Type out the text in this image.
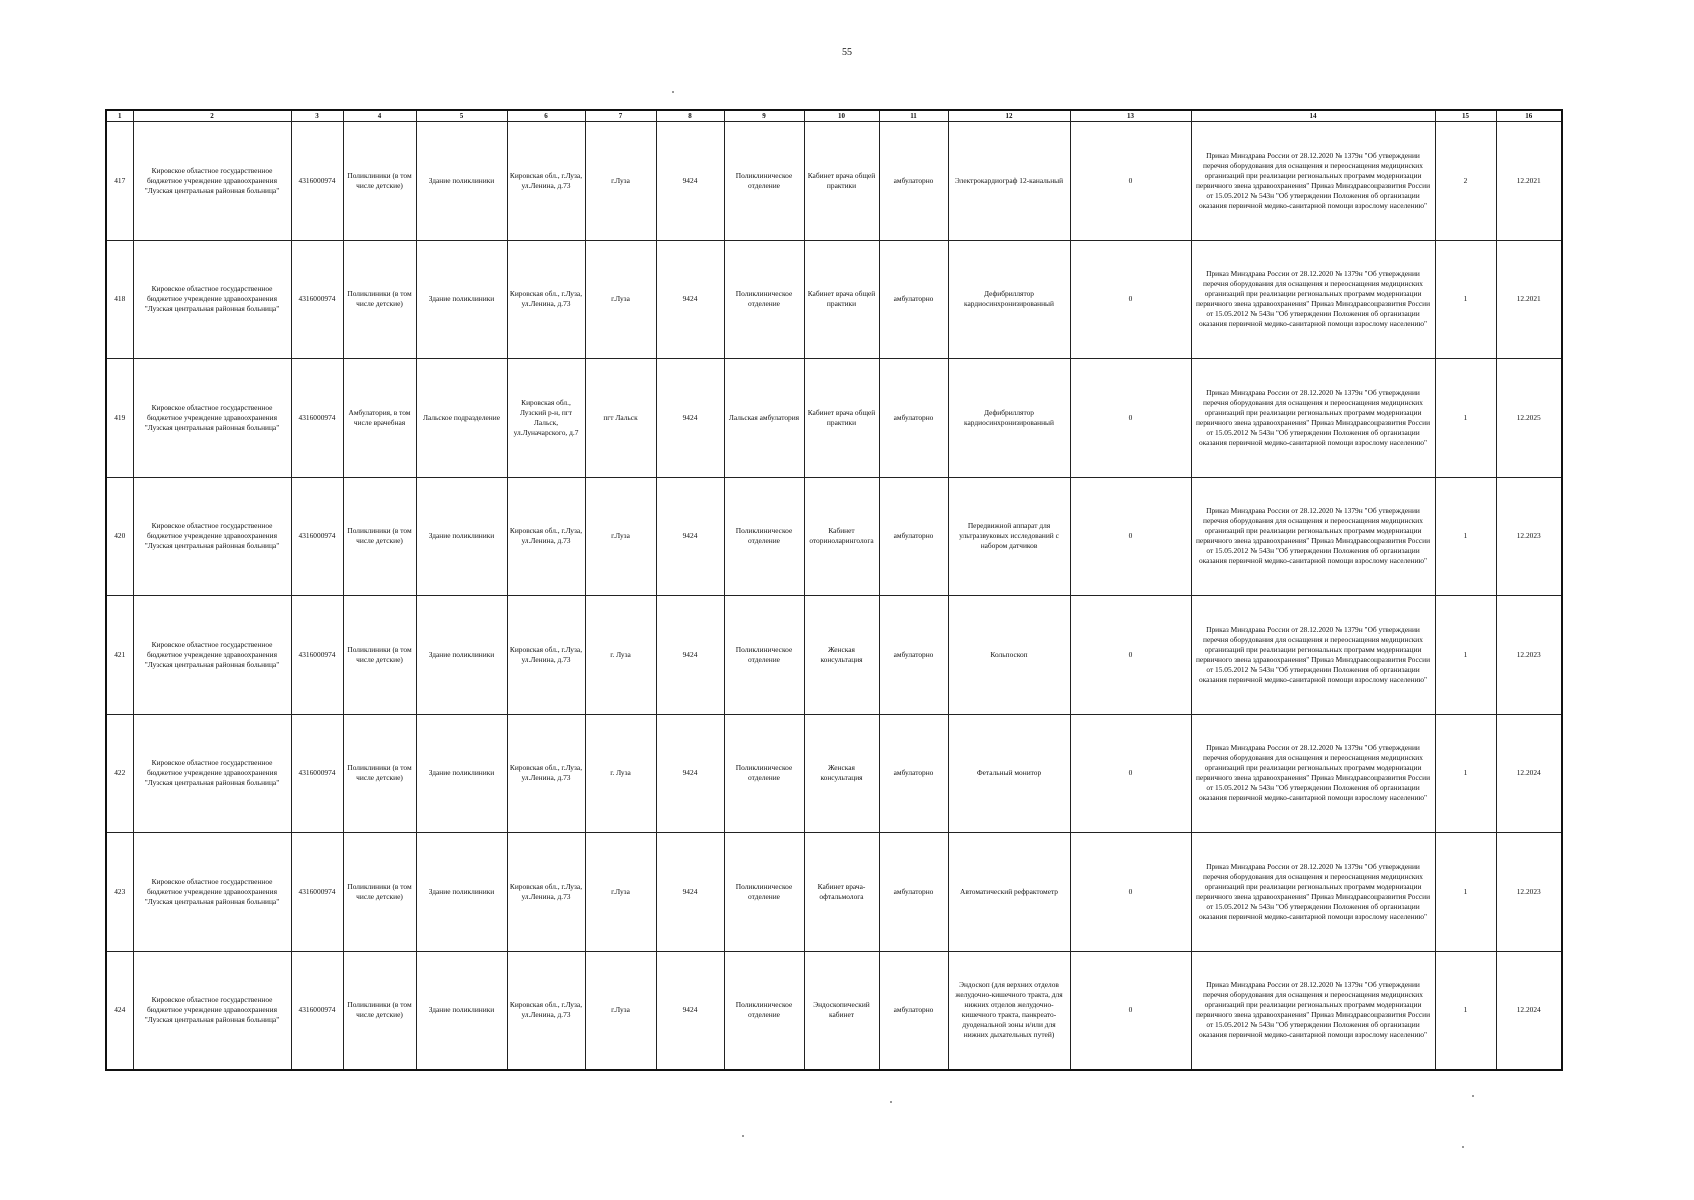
55
1	2	3	4	5	6	7	8	9	10	11	12	13	14	15	16
417	Кировское областное государственное бюджетное учреждение здравоохранения "Лузская центральная районная больница"	4316000974	Поликлиники (в том числе детские)	Здание поликлиники	Кировская обл., г.Луза, ул.Ленина, д.73	г.Луза	9424	Поликлиническое отделение	Кабинет врача общей практики	амбулаторно	Электрокардиограф 12-канальный	0	Приказ Минздрава России от 28.12.2020 № 1379н "Об утверждении перечня оборудования для оснащения и переоснащения медицинских организаций при реализации региональных программ модернизации первичного звена здравоохранения" Приказ Минздравсоцразвития России от 15.05.2012 № 543н "Об утверждении Положения об организации оказания первичной медико-санитарной помощи взрослому населению"	2	12.2021
418	Кировское областное государственное бюджетное учреждение здравоохранения "Лузская центральная районная больница"	4316000974	Поликлиники (в том числе детские)	Здание поликлиники	Кировская обл., г.Луза, ул.Ленина, д.73	г.Луза	9424	Поликлиническое отделение	Кабинет врача общей практики	амбулаторно	Дефибриллятор кардиосинхронизированный	0	Приказ Минздрава России от 28.12.2020 № 1379н "Об утверждении перечня оборудования для оснащения и переоснащения медицинских организаций при реализации региональных программ модернизации первичного звена здравоохранения" Приказ Минздравсоцразвития России от 15.05.2012 № 543н "Об утверждении Положения об организации оказания первичной медико-санитарной помощи взрослому населению"	1	12.2021
419	Кировское областное государственное бюджетное учреждение здравоохранения "Лузская центральная районная больница"	4316000974	Амбулатория, в том числе врачебная	Лальское подразделение	Кировская обл., Лузский р-н, пгт Лальск, ул.Луначарского, д.7	пгт Лальск	9424	Лальская амбулатория	Кабинет врача общей практики	амбулаторно	Дефибриллятор кардиосинхронизированный	0	Приказ Минздрава России от 28.12.2020 № 1379н "Об утверждении перечня оборудования для оснащения и переоснащения медицинских организаций при реализации региональных программ модернизации первичного звена здравоохранения" Приказ Минздравсоцразвития России от 15.05.2012 № 543н "Об утверждении Положения об организации оказания первичной медико-санитарной помощи взрослому населению"	1	12.2025
420	Кировское областное государственное бюджетное учреждение здравоохранения "Лузская центральная районная больница"	4316000974	Поликлиники (в том числе детские)	Здание поликлиники	Кировская обл., г.Луза, ул.Ленина, д.73	г.Луза	9424	Поликлиническое отделение	Кабинет оториноларинголога	амбулаторно	Передвижной аппарат для ультразвуковых исследований с набором датчиков	0	Приказ Минздрава России от 28.12.2020 № 1379н "Об утверждении перечня оборудования для оснащения и переоснащения медицинских организаций при реализации региональных программ модернизации первичного звена здравоохранения" Приказ Минздравсоцразвития России от 15.05.2012 № 543н "Об утверждении Положения об организации оказания первичной медико-санитарной помощи взрослому населению"	1	12.2023
421	Кировское областное государственное бюджетное учреждение здравоохранения "Лузская центральная районная больница"	4316000974	Поликлиники (в том числе детские)	Здание поликлиники	Кировская обл., г.Луза, ул.Ленина, д.73	г. Луза	9424	Поликлиническое отделение	Женская консультация	амбулаторно	Кольпоскоп	0	Приказ Минздрава России от 28.12.2020 № 1379н "Об утверждении перечня оборудования для оснащения и переоснащения медицинских организаций при реализации региональных программ модернизации первичного звена здравоохранения" Приказ Минздравсоцразвития России от 15.05.2012 № 543н "Об утверждении Положения об организации оказания первичной медико-санитарной помощи взрослому населению"	1	12.2023
422	Кировское областное государственное бюджетное учреждение здравоохранения "Лузская центральная районная больница"	4316000974	Поликлиники (в том числе детские)	Здание поликлиники	Кировская обл., г.Луза, ул.Ленина, д.73	г. Луза	9424	Поликлиническое отделение	Женская консультация	амбулаторно	Фетальный монитор	0	Приказ Минздрава России от 28.12.2020 № 1379н "Об утверждении перечня оборудования для оснащения и переоснащения медицинских организаций при реализации региональных программ модернизации первичного звена здравоохранения" Приказ Минздравсоцразвития России от 15.05.2012 № 543н "Об утверждении Положения об организации оказания первичной медико-санитарной помощи взрослому населению"	1	12.2024
423	Кировское областное государственное бюджетное учреждение здравоохранения "Лузская центральная районная больница"	4316000974	Поликлиники (в том числе детские)	Здание поликлиники	Кировская обл., г.Луза, ул.Ленина, д.73	г.Луза	9424	Поликлиническое отделение	Кабинет врача-офтальмолога	амбулаторно	Автоматический рефрактометр	0	Приказ Минздрава России от 28.12.2020 № 1379н "Об утверждении перечня оборудования для оснащения и переоснащения медицинских организаций при реализации региональных программ модернизации первичного звена здравоохранения" Приказ Минздравсоцразвития России от 15.05.2012 № 543н "Об утверждении Положения об организации оказания первичной медико-санитарной помощи взрослому населению"	1	12.2023
424	Кировское областное государственное бюджетное учреждение здравоохранения "Лузская центральная районная больница"	4316000974	Поликлиники (в том числе детские)	Здание поликлиники	Кировская обл., г.Луза, ул.Ленина, д.73	г.Луза	9424	Поликлиническое отделение	Эндоскопический кабинет	амбулаторно	Эндоскоп (для верхних отделов желудочно-кишечного тракта, для нижних отделов желудочно-кишечного тракта, панкреато-дуоденальной зоны и/или для нижних дыхательных путей)	0	Приказ Минздрава России от 28.12.2020 № 1379н "Об утверждении перечня оборудования для оснащения и переоснащения медицинских организаций при реализации региональных программ модернизации первичного звена здравоохранения" Приказ Минздравсоцразвития России от 15.05.2012 № 543н "Об утверждении Положения об организации оказания первичной медико-санитарной помощи взрослому населению"	1	12.2024
